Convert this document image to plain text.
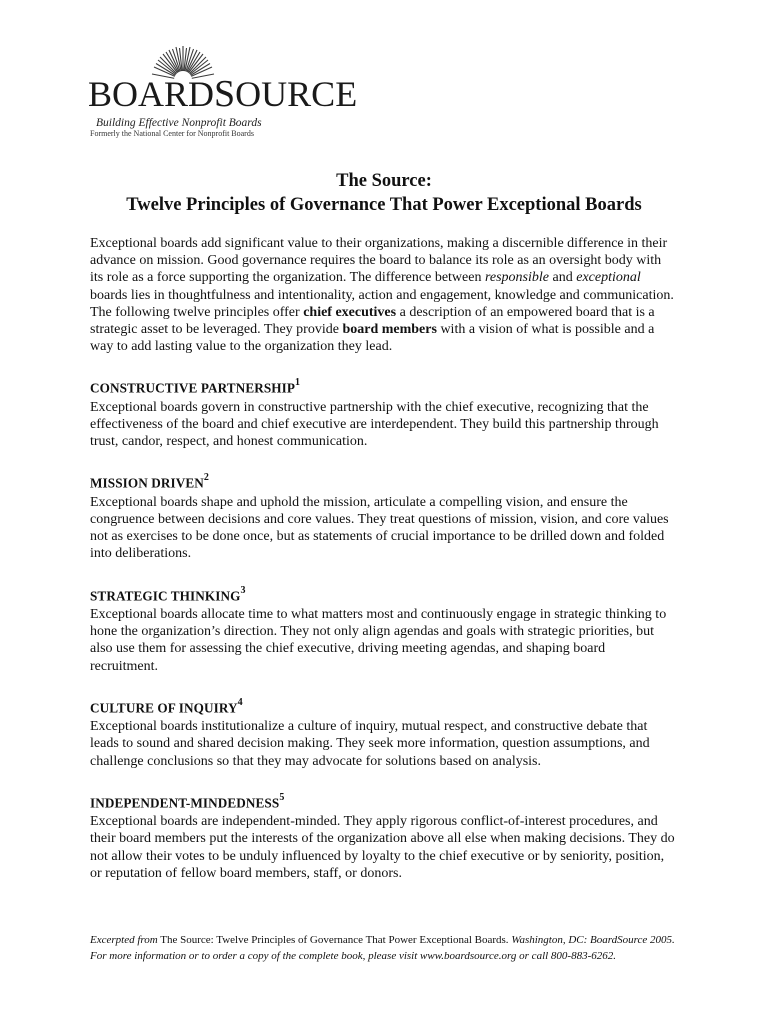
BOARDSOURCE
Building Effective Nonprofit Boards
Formerly the National Center for Nonprofit Boards
The Source:
Twelve Principles of Governance That Power Exceptional Boards

Exceptional boards add significant value to their organizations, making a discernible difference in their advance on mission. Good governance requires the board to balance its role as an oversight body with its role as a force supporting the organization. The difference between responsible and exceptional boards lies in thoughtfulness and intentionality, action and engagement, knowledge and communication. The following twelve principles offer chief executives a description of an empowered board that is a strategic asset to be leveraged. They provide board members with a vision of what is possible and a way to add lasting value to the organization they lead.

CONSTRUCTIVE PARTNERSHIP$^1$

Exceptional boards govern in constructive partnership with the chief executive, recognizing that the effectiveness of the board and chief executive are interdependent. They build this partnership through trust, candor, respect, and honest communication.

MISSION DRIVEN$^2$

Exceptional boards shape and uphold the mission, articulate a compelling vision, and ensure the congruence between decisions and core values. They treat questions of mission, vision, and core values not as exercises to be done once, but as statements of crucial importance to be drilled down and folded into deliberations.

STRATEGIC THINKING$^3$

Exceptional boards allocate time to what matters most and continuously engage in strategic thinking to hone the organization’s direction. They not only align agendas and goals with strategic priorities, but also use them for assessing the chief executive, driving meeting agendas, and shaping board recruitment.

CULTURE OF INQUIRY$^4$

Exceptional boards institutionalize a culture of inquiry, mutual respect, and constructive debate that leads to sound and shared decision making. They seek more information, question assumptions, and challenge conclusions so that they may advocate for solutions based on analysis.

INDEPENDENT-MINDEDNESS$^5$

Exceptional boards are independent-minded. They apply rigorous conflict-of-interest procedures, and their board members put the interests of the organization above all else when making decisions. They do not allow their votes to be unduly influenced by loyalty to the chief executive or by seniority, position, or reputation of fellow board members, staff, or donors.

Excerpted from The Source: Twelve Principles of Governance That Power Exceptional Boards. Washington, DC: BoardSource 2005. For more information or to order a copy of the complete book, please visit www.boardsource.org or call 800-883-6262.
